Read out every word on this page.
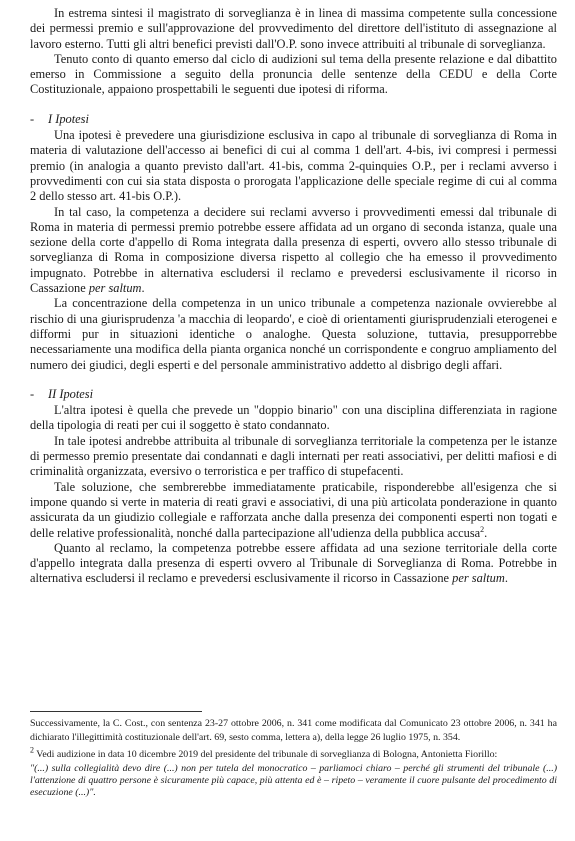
In estrema sintesi il magistrato di sorveglianza è in linea di massima competente sulla concessione dei permessi premio e sull'approvazione del provvedimento del direttore dell'istituto di assegnazione al lavoro esterno. Tutti gli altri benefici previsti dall'O.P. sono invece attribuiti al tribunale di sorveglianza.

Tenuto conto di quanto emerso dal ciclo di audizioni sul tema della presente relazione e dal dibattito emerso in Commissione a seguito della pronuncia delle sentenze della CEDU e della Corte Costituzionale, appaiono prospettabili le seguenti due ipotesi di riforma.

- I Ipotesi

Una ipotesi è prevedere una giurisdizione esclusiva in capo al tribunale di sorveglianza di Roma in materia di valutazione dell'accesso ai benefici di cui al comma 1 dell'art. 4-bis, ivi compresi i permessi premio (in analogia a quanto previsto dall'art. 41-bis, comma 2-quinquies O.P., per i reclami avverso i provvedimenti con cui sia stata disposta o prorogata l'applicazione delle speciale regime di cui al comma 2 dello stesso art. 41-bis O.P.).

In tal caso, la competenza a decidere sui reclami avverso i provvedimenti emessi dal tribunale di Roma in materia di permessi premio potrebbe essere affidata ad un organo di seconda istanza, quale una sezione della corte d'appello di Roma integrata dalla presenza di esperti, ovvero allo stesso tribunale di sorveglianza di Roma in composizione diversa rispetto al collegio che ha emesso il provvedimento impugnato. Potrebbe in alternativa escludersi il reclamo e prevedersi esclusivamente il ricorso in Cassazione per saltum.

La concentrazione della competenza in un unico tribunale a competenza nazionale ovvierebbe al rischio di una giurisprudenza 'a macchia di leopardo', e cioè di orientamenti giurisprudenziali eterogenei e difformi pur in situazioni identiche o analoghe. Questa soluzione, tuttavia, presupporrebbe necessariamente una modifica della pianta organica nonché un corrispondente e congruo ampliamento del numero dei giudici, degli esperti e del personale amministrativo addetto al disbrigo degli affari.

- II Ipotesi

L'altra ipotesi è quella che prevede un "doppio binario" con una disciplina differenziata in ragione della tipologia di reati per cui il soggetto è stato condannato.

In tale ipotesi andrebbe attribuita al tribunale di sorveglianza territoriale la competenza per le istanze di permesso premio presentate dai condannati e dagli internati per reati associativi, per delitti mafiosi e di criminalità organizzata, eversivo o terroristica e per traffico di stupefacenti.

Tale soluzione, che sembrerebbe immediatamente praticabile, risponderebbe all'esigenza che si impone quando si verte in materia di reati gravi e associativi, di una più articolata ponderazione in quanto assicurata da un giudizio collegiale e rafforzata anche dalla presenza dei componenti esperti non togati e delle relative professionalità, nonché dalla partecipazione all'udienza della pubblica accusa$^2$.

Quanto al reclamo, la competenza potrebbe essere affidata ad una sezione territoriale della corte d'appello integrata dalla presenza di esperti ovvero al Tribunale di Sorveglianza di Roma. Potrebbe in alternativa escludersi il reclamo e prevedersi esclusivamente il ricorso in Cassazione per saltum.

Successivamente, la C. Cost., con sentenza 23-27 ottobre 2006, n. 341 come modificata dal Comunicato 23 ottobre 2006, n. 341 ha dichiarato l'illegittimità costituzionale dell'art. 69, sesto comma, lettera a), della legge 26 luglio 1975, n. 354.

$^2$ Vedi audizione in data 10 dicembre 2019 del presidente del tribunale di sorveglianza di Bologna, Antonietta Fiorillo:

"(...) sulla collegialità devo dire (...) non per tutela del monocratico – parliamoci chiaro – perché gli strumenti del tribunale (...) l'attenzione di quattro persone è sicuramente più capace, più attenta ed è – ripeto – veramente il cuore pulsante del procedimento di esecuzione (...)".
